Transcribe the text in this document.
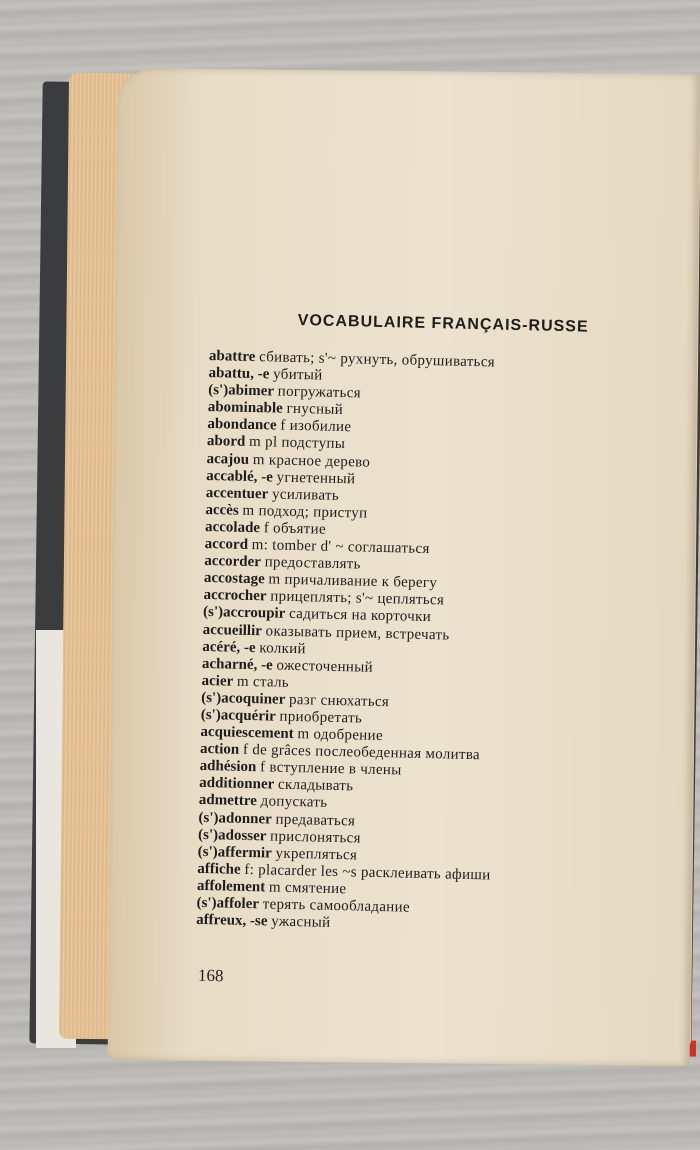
VOCABULAIRE FRANÇAIS-RUSSE
abattre сбивать; s'~ рухнуть, обрушиваться
abattu, -e убитый
(s')abimer погружаться
abominable гнусный
abondance f изобилие
abord m pl подступы
acajou m красное дерево
accablé, -e угнетенный
accentuer усиливать
accès m подход; приступ
accolade f объятие
accord m: tomber d' ~ соглашаться
accorder предоставлять
accostage m причаливание к берегу
accrocher прицеплять; s'~ цепляться
(s')accroupir садиться на корточки
accueillir оказывать прием, встречать
acéré, -e колкий
acharné, -e ожесточенный
acier m сталь
(s')acoquiner разг снюхаться
(s')acquérir приобретать
acquiescement m одобрение
action f de grâces послеобеденная молитва
adhésion f вступление в члены
additionner складывать
admettre допускать
(s')adonner предаваться
(s')adosser прислоняться
(s')affermir укрепляться
affiche f: placarder les ~s расклеивать афиши
affolement m смятение
(s')affoler терять самообладание
affreux, -se ужасный
168
